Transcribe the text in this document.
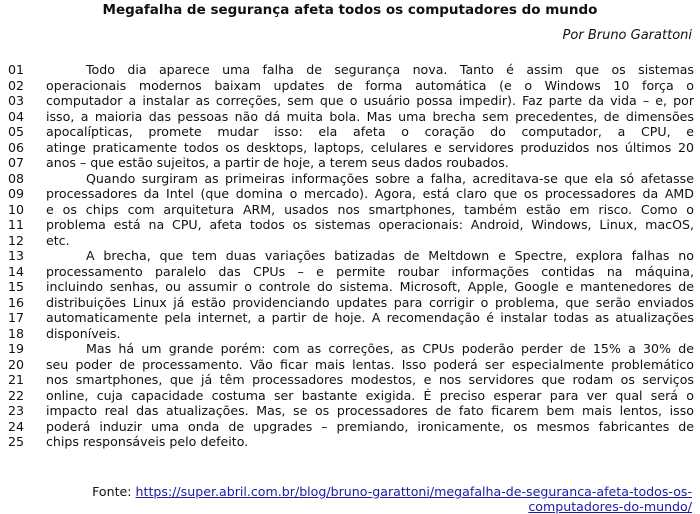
Megafalha de segurança afeta todos os computadores do mundo
Por Bruno Garattoni
01	Todo dia aparece uma falha de segurança nova. Tanto é assim que os sistemas
02	operacionais modernos baixam updates de forma automática (e o Windows 10 força o
03	computador a instalar as correções, sem que o usuário possa impedir). Faz parte da vida – e, por
04	isso, a maioria das pessoas não dá muita bola. Mas uma brecha sem precedentes, de dimensões
05	apocalípticas, promete mudar isso: ela afeta o coração do computador, a CPU, e
06	atinge praticamente todos os desktops, laptops, celulares e servidores produzidos nos últimos 20
07	anos – que estão sujeitos, a partir de hoje, a terem seus dados roubados.
08	Quando surgiram as primeiras informações sobre a falha, acreditava-se que ela só afetasse
09	processadores da Intel (que domina o mercado). Agora, está claro que os processadores da AMD
10	e os chips com arquitetura ARM, usados nos smartphones, também estão em risco. Como o
11	problema está na CPU, afeta todos os sistemas operacionais: Android, Windows, Linux, macOS,
12	etc.
13	A brecha, que tem duas variações batizadas de Meltdown e Spectre, explora falhas no
14	processamento paralelo das CPUs – e permite roubar informações contidas na máquina,
15	incluindo senhas, ou assumir o controle do sistema. Microsoft, Apple, Google e mantenedores de
16	distribuições Linux já estão providenciando updates para corrigir o problema, que serão enviados
17	automaticamente pela internet, a partir de hoje. A recomendação é instalar todas as atualizações
18	disponíveis.
19	Mas há um grande porém: com as correções, as CPUs poderão perder de 15% a 30% de
20	seu poder de processamento. Vão ficar mais lentas. Isso poderá ser especialmente problemático
21	nos smartphones, que já têm processadores modestos, e nos servidores que rodam os serviços
22	online, cuja capacidade costuma ser bastante exigida. É preciso esperar para ver qual será o
23	impacto real das atualizações. Mas, se os processadores de fato ficarem bem mais lentos, isso
24	poderá induzir uma onda de upgrades – premiando, ironicamente, os mesmos fabricantes de
25	chips responsáveis pelo defeito.
Fonte: https://super.abril.com.br/blog/bruno-garattoni/megafalha-de-seguranca-afeta-todos-os-
computadores-do-mundo/
